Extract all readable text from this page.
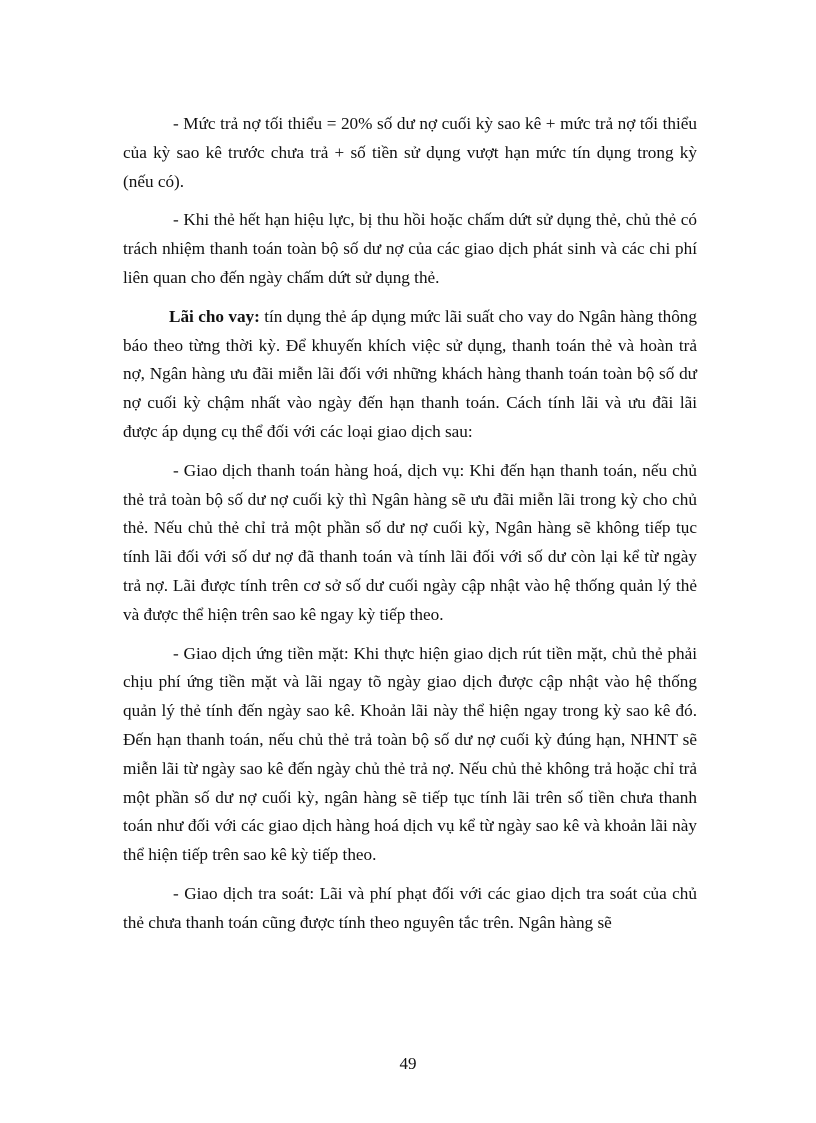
- Mức trả nợ tối thiểu = 20% số dư nợ cuối kỳ sao kê + mức trả nợ tối thiểu của kỳ sao kê trước chưa trả + số tiền sử dụng vượt hạn mức tín dụng trong kỳ (nếu có).

- Khi thẻ hết hạn hiệu lực, bị thu hồi hoặc chấm dứt sử dụng thẻ, chủ thẻ có trách nhiệm thanh toán toàn bộ số dư nợ của các giao dịch phát sinh và các chi phí liên quan cho đến ngày chấm dứt sử dụng thẻ.

Lãi cho vay: tín dụng thẻ áp dụng mức lãi suất cho vay do Ngân hàng thông báo theo từng thời kỳ. Để khuyến khích việc sử dụng, thanh toán thẻ và hoàn trả nợ, Ngân hàng ưu đãi miễn lãi đối với những khách hàng thanh toán toàn bộ số dư nợ cuối kỳ chậm nhất vào ngày đến hạn thanh toán. Cách tính lãi và ưu đãi lãi được áp dụng cụ thể đối với các loại giao dịch sau:

- Giao dịch thanh toán hàng hoá, dịch vụ: Khi đến hạn thanh toán, nếu chủ thẻ trả toàn bộ số dư nợ cuối kỳ thì Ngân hàng sẽ ưu đãi miễn lãi trong kỳ cho chủ thẻ. Nếu chủ thẻ chỉ trả một phần số dư nợ cuối kỳ, Ngân hàng sẽ không tiếp tục tính lãi đối với số dư nợ đã thanh toán và tính lãi đối với số dư còn lại kể từ ngày trả nợ. Lãi được tính trên cơ sở số dư cuối ngày cập nhật vào hệ thống quản lý thẻ và được thể hiện trên sao kê ngay kỳ tiếp theo.

- Giao dịch ứng tiền mặt: Khi thực hiện giao dịch rút tiền mặt, chủ thẻ phải chịu phí ứng tiền mặt và lãi ngay tõ ngày giao dịch được cập nhật vào hệ thống quản lý thẻ tính đến ngày sao kê. Khoản lãi này thể hiện ngay trong kỳ sao kê đó. Đến hạn thanh toán, nếu chủ thẻ trả toàn bộ số dư nợ cuối kỳ đúng hạn, NHNT sẽ miễn lãi từ ngày sao kê đến ngày chủ thẻ trả nợ. Nếu chủ thẻ không trả hoặc chỉ trả một phần số dư nợ cuối kỳ, ngân hàng sẽ tiếp tục tính lãi trên số tiền chưa thanh toán như đối với các giao dịch hàng hoá dịch vụ kể từ ngày sao kê và khoản lãi này thể hiện tiếp trên sao kê kỳ tiếp theo.

- Giao dịch tra soát: Lãi và phí phạt đối với các giao dịch tra soát của chủ thẻ chưa thanh toán cũng được tính theo nguyên tắc trên. Ngân hàng sẽ

49
